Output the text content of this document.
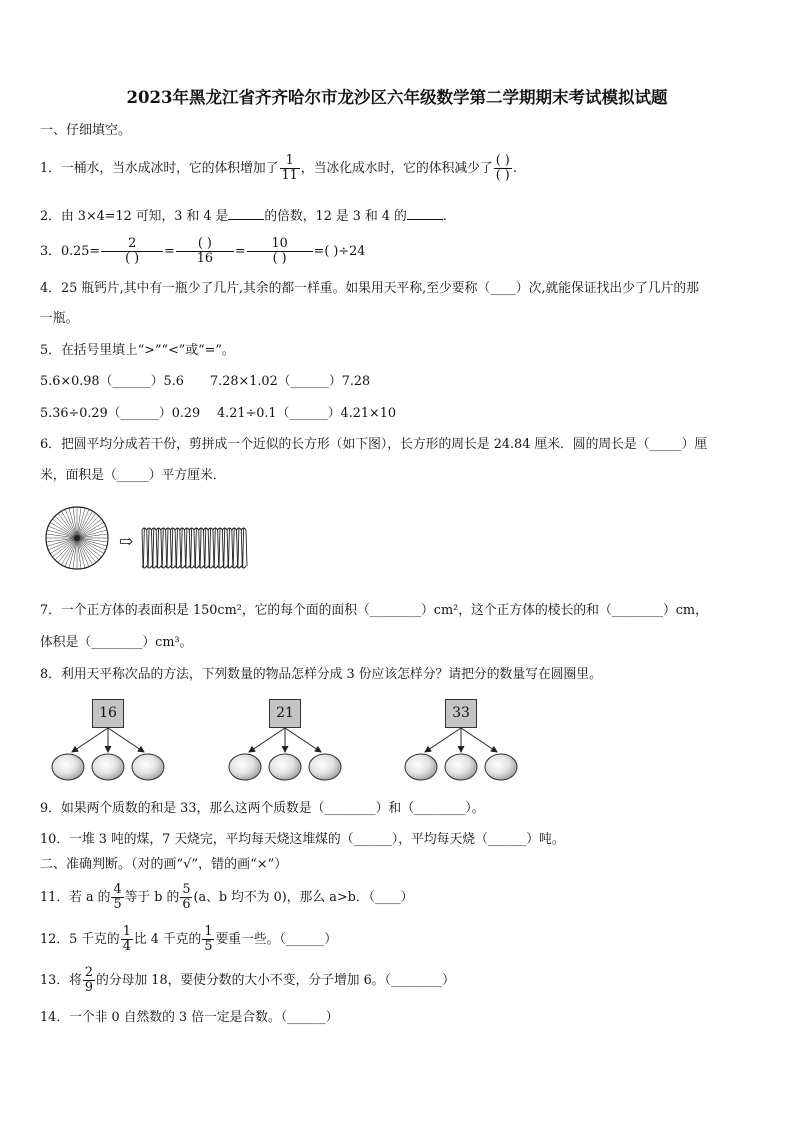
2023年黑龙江省齐齐哈尔市龙沙区六年级数学第二学期期末考试模拟试题
一、仔细填空。
1．一桶水，当水成冰时，它的体积增加了 $\frac{1}{11}$ ，当冰化成水时，它的体积减少了 $\frac{( )}{( )}$ .
2．由 3×4=12 可知，3 和 4 是	的倍数，12 是 3 和 4 的	．
3．$0.25= \frac{2}{( )} = \frac{( )}{16} = \frac{10}{( )}$ =( )÷24
4．25 瓶钙片,其中有一瓶少了几片,其余的都一样重。如果用天平称,至少要称（____）次,就能保证找出少了几片的那
一瓶。
5．在括号里填上“>”“<”或“=”。
5.6×0.98（______）5.6 7.28×1.02（______）7.28
5.36÷0.29（______）0.29 4.21÷0.1（______）4.21×10
6．把圆平均分成若干份，剪拼成一个近似的长方形（如下图），长方形的周长是 24.84 厘米．圆的周长是（_____）厘
米，面积是（_____）平方厘米．
⇨
7．一个正方体的表面积是 150cm²，它的每个面的面积（________）cm²，这个正方体的棱长的和（________）cm，
体积是（________）cm³。
8．利用天平称次品的方法，下列数量的物品怎样分成 3 份应该怎样分？请把分的数量写在圆圈里。
16	21	33
9．如果两个质数的和是 33，那么这两个质数是（________）和（________）。
10．一堆 3 吨的煤，7 天烧完，平均每天烧这堆煤的（______），平均每天烧（______）吨。
二、准确判断。（对的画“√”，错的画“×”）
11．若 a 的 $\frac{4}{5}$ 等于 b 的 $\frac{5}{6} (a$、b 均不为 0)，那么 a>b．（____）
12．5 千克的 $\frac{1}{4}$ 比 4 千克的 $\frac{1}{5}$ 要重一些。（______）
13．将 $\frac{2}{9}$ 的分母加 18，要使分数的大小不变，分子增加 6。（________）
14．一个非 0 自然数的 3 倍一定是合数。（______）
